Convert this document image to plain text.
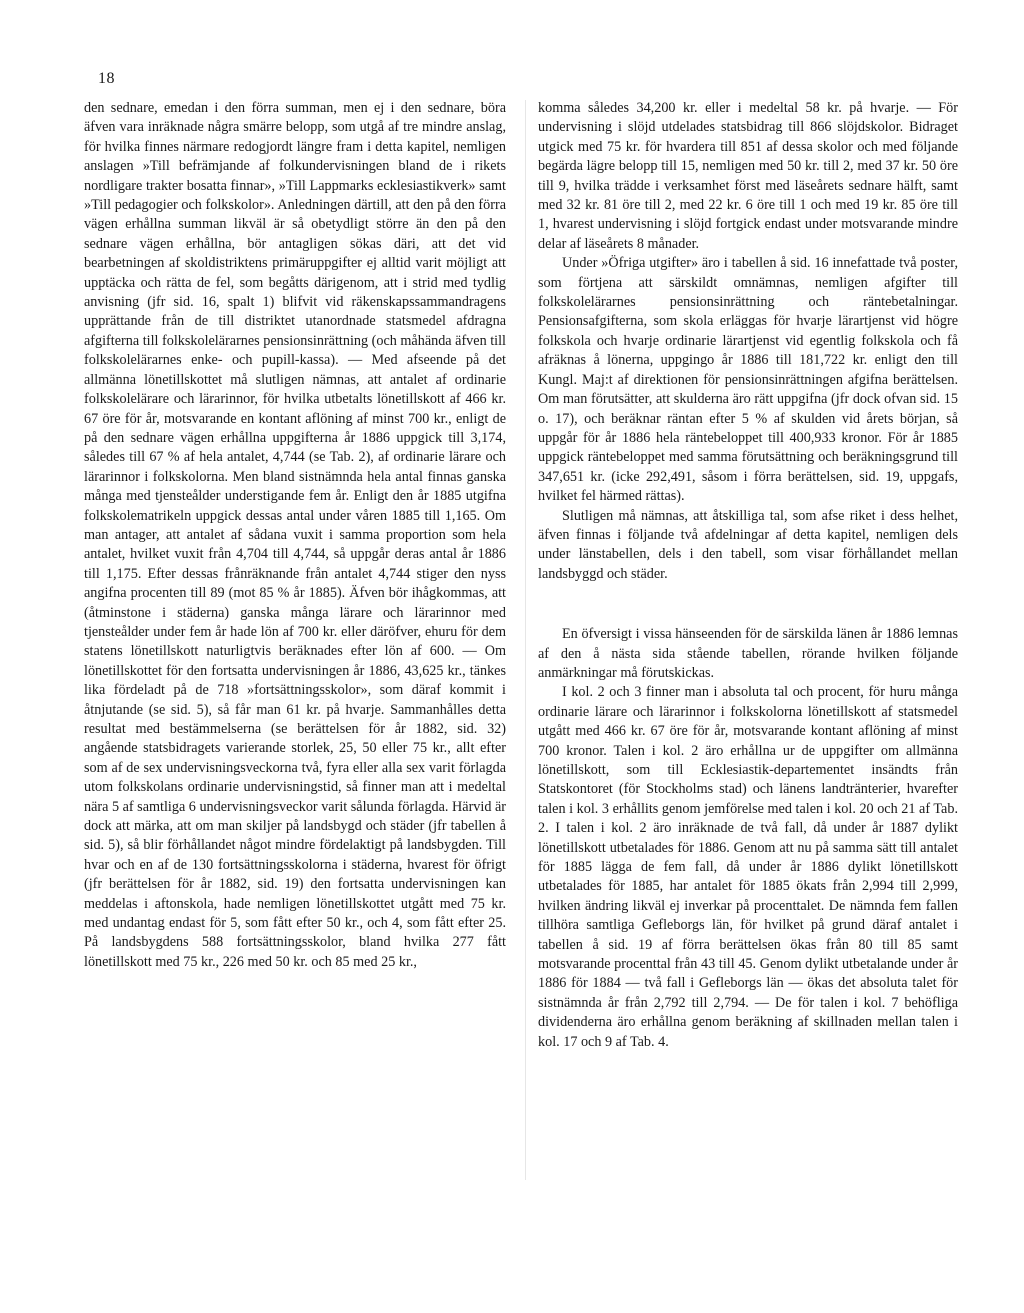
18

den sednare, emedan i den förra summan, men ej i den sednare, böra äfven vara inräknade några smärre belopp, som utgå af tre mindre anslag, för hvilka finnes närmare redogjordt längre fram i detta kapitel, nemligen anslagen »Till befrämjande af folkundervisningen bland de i rikets nordligare trakter bosatta finnar», »Till Lappmarks ecklesiastikverk» samt »Till pedagogier och folkskolor». Anledningen därtill, att den på den förra vägen erhållna summan likväl är så obetydligt större än den på den sednare vägen erhållna, bör antagligen sökas däri, att det vid bearbetningen af skoldistriktens primäruppgifter ej alltid varit möjligt att upptäcka och rätta de fel, som begåtts därigenom, att i strid med tydlig anvisning (jfr sid. 16, spalt 1) blifvit vid räkenskapssammandragens upprättande från de till distriktet utanordnade statsmedel afdragna afgifterna till folkskolelärarnes pensionsinrättning (och måhända äfven till folkskolelärarnes enke- och pupill-kassa). — Med afseende på det allmänna lönetillskottet må slutligen nämnas, att antalet af ordinarie folkskolelärare och lärarinnor, för hvilka utbetalts lönetillskott af 466 kr. 67 öre för år, motsvarande en kontant aflöning af minst 700 kr., enligt de på den sednare vägen erhållna uppgifterna år 1886 uppgick till 3,174, således till 67 % af hela antalet, 4,744 (se Tab. 2), af ordinarie lärare och lärarinnor i folkskolorna. Men bland sistnämnda hela antal finnas ganska många med tjensteålder understigande fem år. Enligt den år 1885 utgifna folkskolematrikeln uppgick dessas antal under våren 1885 till 1,165. Om man antager, att antalet af sådana vuxit i samma proportion som hela antalet, hvilket vuxit från 4,704 till 4,744, så uppgår deras antal år 1886 till 1,175. Efter dessas frånräknande från antalet 4,744 stiger den nyss angifna procenten till 89 (mot 85 % år 1885). Äfven bör ihågkommas, att (åtminstone i städerna) ganska många lärare och lärarinnor med tjensteålder under fem år hade lön af 700 kr. eller däröfver, ehuru för dem statens lönetillskott naturligtvis beräknades efter lön af 600. — Om lönetillskottet för den fortsatta undervisningen år 1886, 43,625 kr., tänkes lika fördeladt på de 718 »fortsättningsskolor», som däraf kommit i åtnjutande (se sid. 5), så får man 61 kr. på hvarje. Sammanhålles detta resultat med bestämmelserna (se berättelsen för år 1882, sid. 32) angående statsbidragets varierande storlek, 25, 50 eller 75 kr., allt efter som af de sex undervisningsveckorna två, fyra eller alla sex varit förlagda utom folkskolans ordinarie undervisningstid, så finner man att i medeltal nära 5 af samtliga 6 undervisningsveckor varit sålunda förlagda. Härvid är dock att märka, att om man skiljer på landsbygd och städer (jfr tabellen å sid. 5), så blir förhållandet något mindre fördelaktigt på landsbygden. Till hvar och en af de 130 fortsättningsskolorna i städerna, hvarest för öfrigt (jfr berättelsen för år 1882, sid. 19) den fortsatta undervisningen kan meddelas i aftonskola, hade nemligen lönetillskottet utgått med 75 kr. med undantag endast för 5, som fått efter 50 kr., och 4, som fått efter 25. På landsbygdens 588 fortsättningsskolor, bland hvilka 277 fått lönetillskott med 75 kr., 226 med 50 kr. och 85 med 25 kr.,

komma således 34,200 kr. eller i medeltal 58 kr. på hvarje. — För undervisning i slöjd utdelades statsbidrag till 866 slöjdskolor. Bidraget utgick med 75 kr. för hvardera till 851 af dessa skolor och med följande begärda lägre belopp till 15, nemligen med 50 kr. till 2, med 37 kr. 50 öre till 9, hvilka trädde i verksamhet först med läseårets sednare hälft, samt med 32 kr. 81 öre till 2, med 22 kr. 6 öre till 1 och med 19 kr. 85 öre till 1, hvarest undervisning i slöjd fortgick endast under motsvarande mindre delar af läseårets 8 månader.

Under »Öfriga utgifter» äro i tabellen å sid. 16 innefattade två poster, som förtjena att särskildt omnämnas, nemligen afgifter till folkskolelärarnes pensionsinrättning och räntebetalningar. Pensionsafgifterna, som skola erläggas för hvarje lärartjenst vid högre folkskola och hvarje ordinarie lärartjenst vid egentlig folkskola och få afräknas å lönerna, uppgingo år 1886 till 181,722 kr. enligt den till Kungl. Maj:t af direktionen för pensionsinrättningen afgifna berättelsen. Om man förutsätter, att skulderna äro rätt uppgifna (jfr dock ofvan sid. 15 o. 17), och beräknar räntan efter 5 % af skulden vid årets början, så uppgår för år 1886 hela räntebeloppet till 400,933 kronor. För år 1885 uppgick räntebeloppet med samma förutsättning och beräkningsgrund till 347,651 kr. (icke 292,491, såsom i förra berättelsen, sid. 19, uppgafs, hvilket fel härmed rättas).

Slutligen må nämnas, att åtskilliga tal, som afse riket i dess helhet, äfven finnas i följande två afdelningar af detta kapitel, nemligen dels under länstabellen, dels i den tabell, som visar förhållandet mellan landsbyggd och städer.

En öfversigt i vissa hänseenden för de särskilda länen år 1886 lemnas af den å nästa sida stående tabellen, rörande hvilken följande anmärkningar må förutskickas.

I kol. 2 och 3 finner man i absoluta tal och procent, för huru många ordinarie lärare och lärarinnor i folkskolorna lönetillskott af statsmedel utgått med 466 kr. 67 öre för år, motsvarande kontant aflöning af minst 700 kronor. Talen i kol. 2 äro erhållna ur de uppgifter om allmänna lönetillskott, som till Ecklesiastik-departementet insändts från Statskontoret (för Stockholms stad) och länens landtränterier, hvarefter talen i kol. 3 erhållits genom jemförelse med talen i kol. 20 och 21 af Tab. 2. I talen i kol. 2 äro inräknade de två fall, då under år 1887 dylikt lönetillskott utbetalades för 1886. Genom att nu på samma sätt till antalet för 1885 lägga de fem fall, då under år 1886 dylikt lönetillskott utbetalades för 1885, har antalet för 1885 ökats från 2,994 till 2,999, hvilken ändring likväl ej inverkar på procenttalet. De nämnda fem fallen tillhöra samtliga Gefleborgs län, för hvilket på grund däraf antalet i tabellen å sid. 19 af förra berättelsen ökas från 80 till 85 samt motsvarande procenttal från 43 till 45. Genom dylikt utbetalande under år 1886 för 1884 — två fall i Gefleborgs län — ökas det absoluta talet för sistnämnda år från 2,792 till 2,794. — De för talen i kol. 7 behöfliga dividenderna äro erhållna genom beräkning af skillnaden mellan talen i kol. 17 och 9 af Tab. 4.
